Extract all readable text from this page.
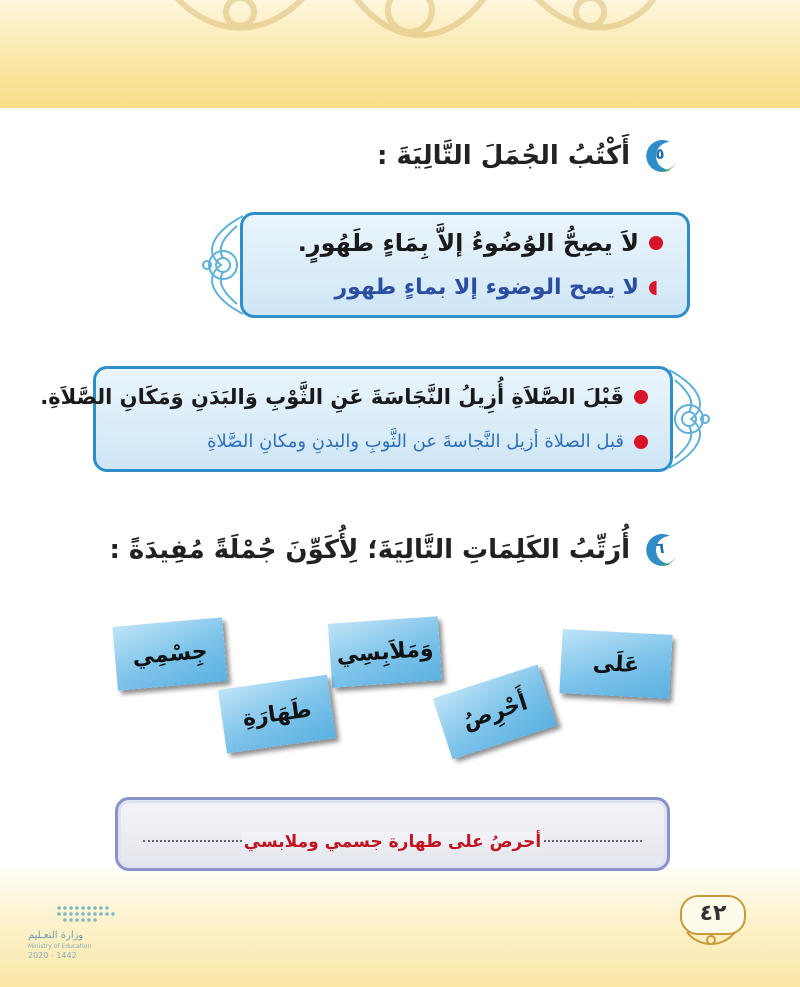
٥
أَكْتُبُ الجُمَلَ التَّالِيَةَ :
لاَ يصِحُّ الوُضُوءُ إلاَّ بِمَاءٍ طَهُورٍ.
لا يصح الوضوء إلا بماءٍ طهور
قَبْلَ الصَّلاَةِ أُزِيلُ النَّجَاسَةَ عَنِ الثَّوْبِ وَالبَدَنِ وَمَكَانِ الصَّلاَةِ.
قبل الصلاة أزيل النَّجاسةَ عن الثَّوبِ والبدنِ ومكانِ الصَّلاةِ
٦
أُرَتِّبُ الكَلِمَاتِ التَّالِيَةَ؛ لِأُكَوِّنَ جُمْلَةً مُفِيدَةً :
عَلَى
وَمَلاَبِسِي
جِسْمِي
أَحْرِصُ
طَهَارَةِ
أحرصُ على طهارة جسمي وملابسي
٤٢
وزارة التعـليم
Ministry of Education
2020 - 1442
